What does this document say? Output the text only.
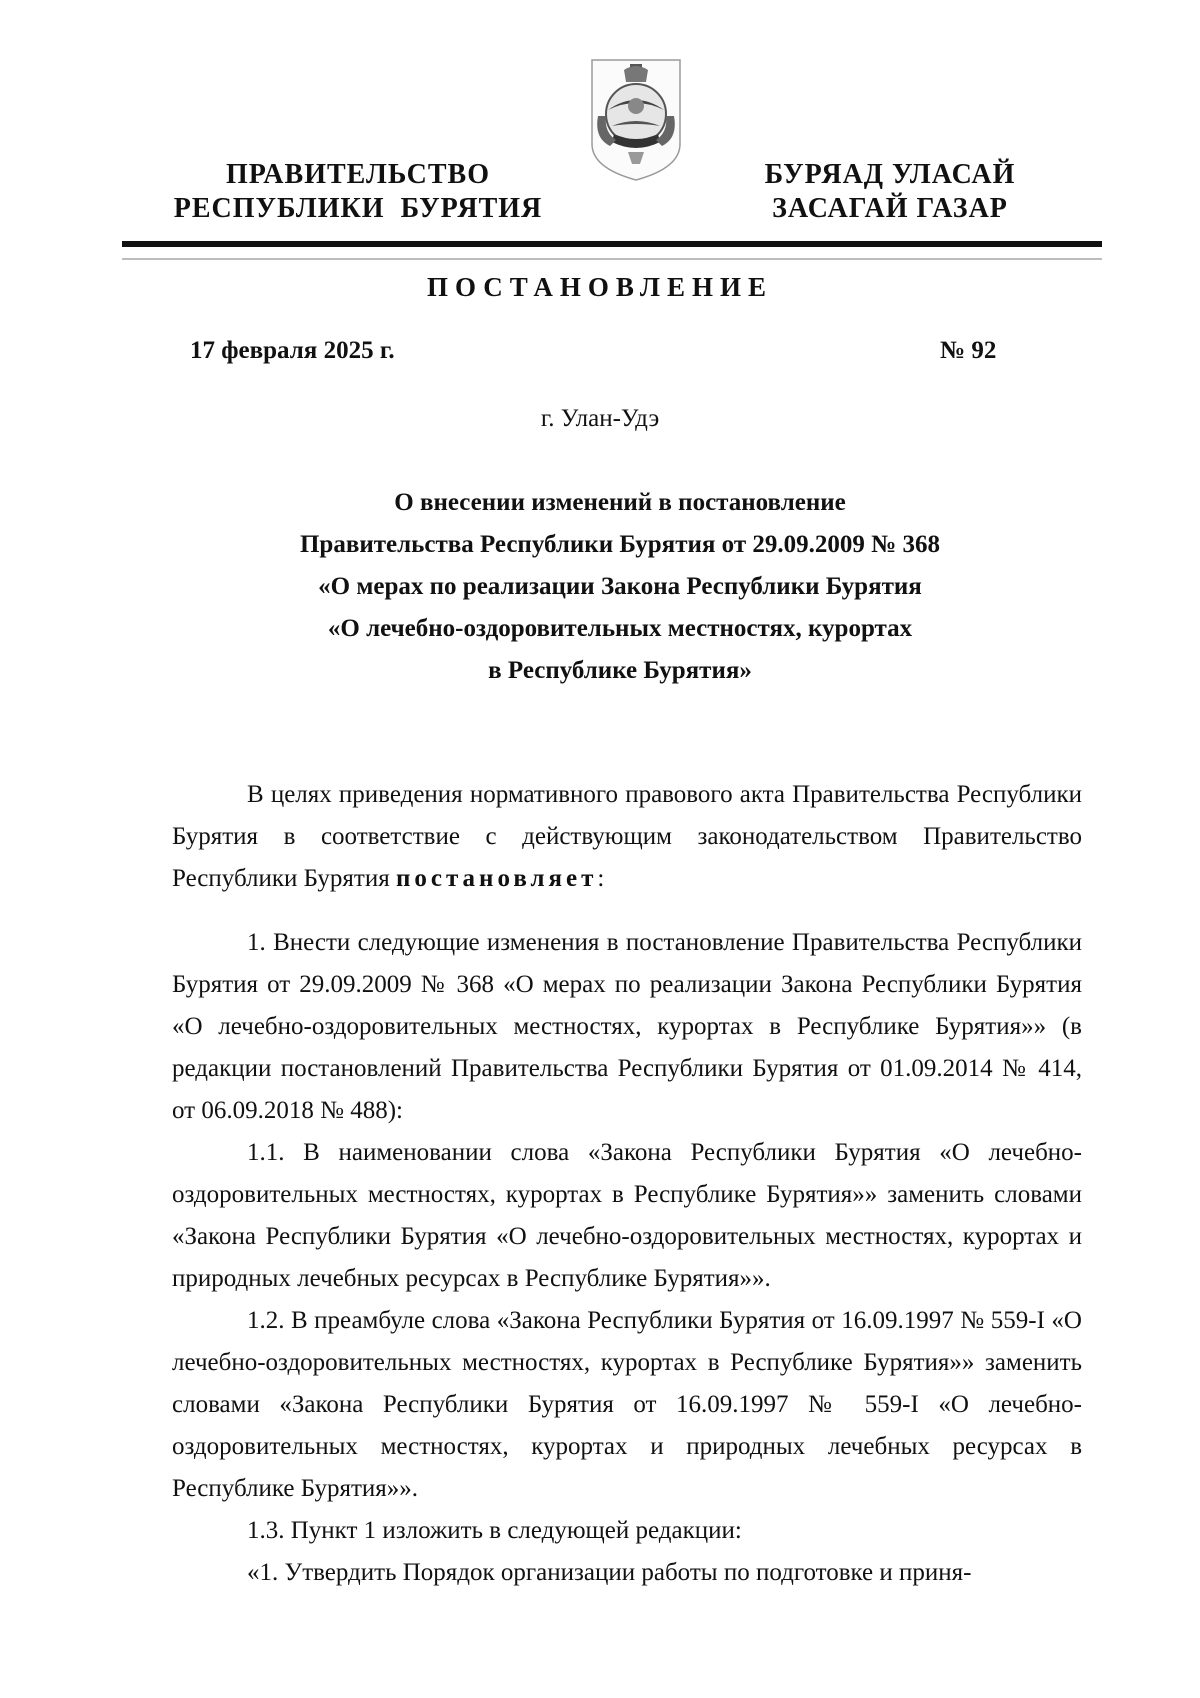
ПРАВИТЕЛЬСТВО
РЕСПУБЛИКИ  БУРЯТИЯ
БУРЯАД УЛАСАЙ
ЗАСАГАЙ ГАЗАР
ПОСТАНОВЛЕНИЕ
17 февраля 2025 г.	№ 92
г. Улан-Удэ
О внесении изменений в постановление
Правительства Республики Бурятия от 29.09.2009 № 368
«О мерах по реализации Закона Республики Бурятия
«О лечебно-оздоровительных местностях, курортах
в Республике Бурятия»

В целях приведения нормативного правового акта Правительства Республики Бурятия в соответствие с действующим законодательством Правительство Республики Бурятия постановляет:

1. Внести следующие изменения в постановление Правительства Республики Бурятия от 29.09.2009 № 368 «О мерах по реализации Закона Республики Бурятия «О лечебно-оздоровительных местностях, курортах в Республике Бурятия»» (в редакции постановлений Правительства Республики Бурятия от 01.09.2014 № 414, от 06.09.2018 № 488):

1.1. В наименовании слова «Закона Республики Бурятия «О лечебно-оздоровительных местностях, курортах в Республике Бурятия»» заменить словами «Закона Республики Бурятия «О лечебно-оздоровительных местностях, курортах и природных лечебных ресурсах в Республике Бурятия»».

1.2. В преамбуле слова «Закона Республики Бурятия от 16.09.1997 № 559-I «О лечебно-оздоровительных местностях, курортах в Республике Бурятия»» заменить словами «Закона Республики Бурятия от 16.09.1997 № 559-I «О лечебно-оздоровительных местностях, курортах и природных лечебных ресурсах в Республике Бурятия»».

1.3. Пункт 1 изложить в следующей редакции:

«1. Утвердить Порядок организации работы по подготовке и приня-
